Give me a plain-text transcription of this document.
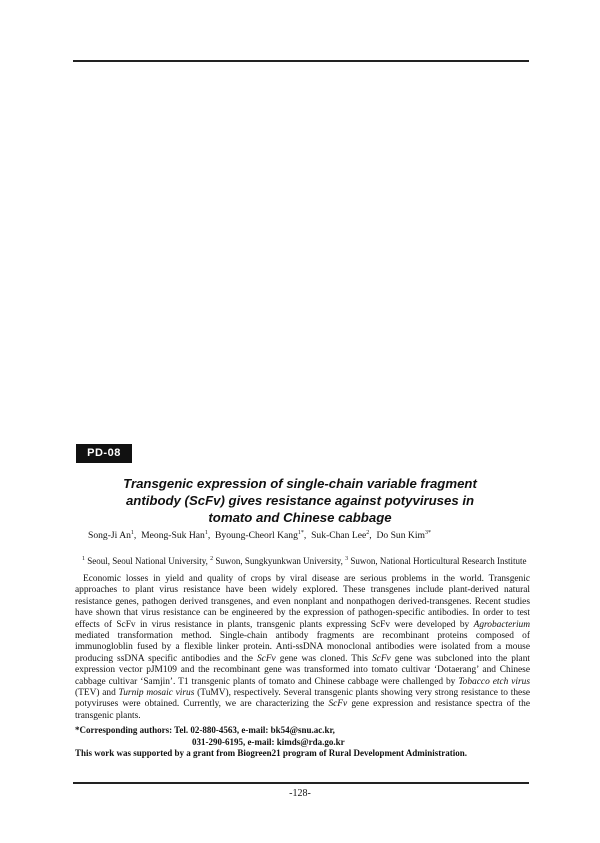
PD-08
Transgenic expression of single-chain variable fragment
antibody (ScFv) gives resistance against potyviruses in
tomato and Chinese cabbage
Song-Ji An$^1$,  Meong-Suk Han$^1$,  Byoung-Cheorl Kang$^{1*}$,  Suk-Chan Lee$^2$,  Do Sun Kim$^{3*}$
$^1$ Seoul, Seoul National University, $^2$ Suwon, Sungkyunkwan University, $^3$ Suwon, National Horticultural Research Institute
Economic losses in yield and quality of crops by viral disease are serious problems in the world. Transgenic approaches to plant virus resistance have been widely explored. These transgenes include plant-derived natural resistance genes, pathogen derived transgenes, and even nonplant and nonpathogen derived-transgenes. Recent studies have shown that virus resistance can be engineered by the expression of pathogen-specific antibodies. In order to test effects of ScFv in virus resistance in plants, transgenic plants expressing ScFv were developed by Agrobacterium mediated transformation method. Single-chain antibody fragments are recombinant proteins composed of immunogloblin fused by a flexible linker protein. Anti-ssDNA monoclonal antibodies were isolated from a mouse producing ssDNA specific antibodies and the ScFv gene was cloned. This ScFv gene was subcloned into the plant expression vector pJM109 and the recombinant gene was transformed into tomato cultivar ‘Dotaerang’ and Chinese cabbage cultivar ‘Samjin’. T1 transgenic plants of tomato and Chinese cabbage were challenged by Tobacco etch virus (TEV) and Turnip mosaic virus (TuMV), respectively. Several transgenic plants showing very strong resistance to these potyviruses were obtained. Currently, we are characterizing the ScFv gene expression and resistance spectra of the transgenic plants.
*Corresponding authors: Tel. 02-880-4563, e-mail: bk54@snu.ac.kr,
031-290-6195, e-mail: kimds@rda.go.kr
This work was supported by a grant from Biogreen21 program of Rural Development Administration.
-128-
